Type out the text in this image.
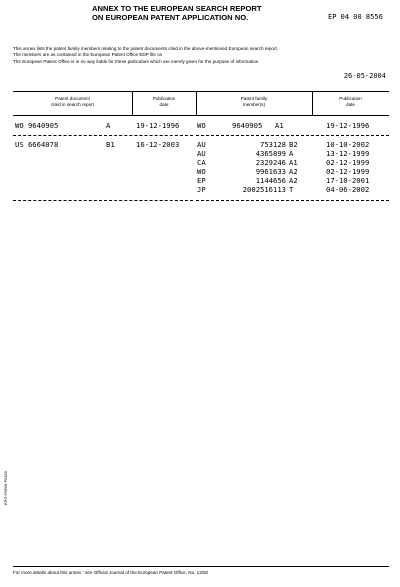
ANNEX TO THE EUROPEAN SEARCH REPORT
ON EUROPEAN PATENT APPLICATION NO.	EP 04 00 8556
This annex lists the patent family members relating to the patent documents cited in the above-mentioned European search report.
The members are as contained in the European Patent Office EDP file on
The European Patent Office is in no way liable for these particulars which are merely given for the purpose of information.
26-05-2004
Patent document
cited in search report
Publication
date
Patent family
member(s)
Publication
date
WO 9640905	A	19-12-1996 WO	9640905 A1	19-12-1996
US 6664078	B1	16-12-2003 AU	753128 B2	10-10-2002
AU	4365899 A	13-12-1999
CA	2329246 A1	02-12-1999
WO	9961633 A2	02-12-1999
EP	1144656 A2	17-10-2001
JP	2002516113 T	04-06-2002
EPO FORM P0459
For more details about this annex : see Official Journal of the European Patent Office, No. 12/82
